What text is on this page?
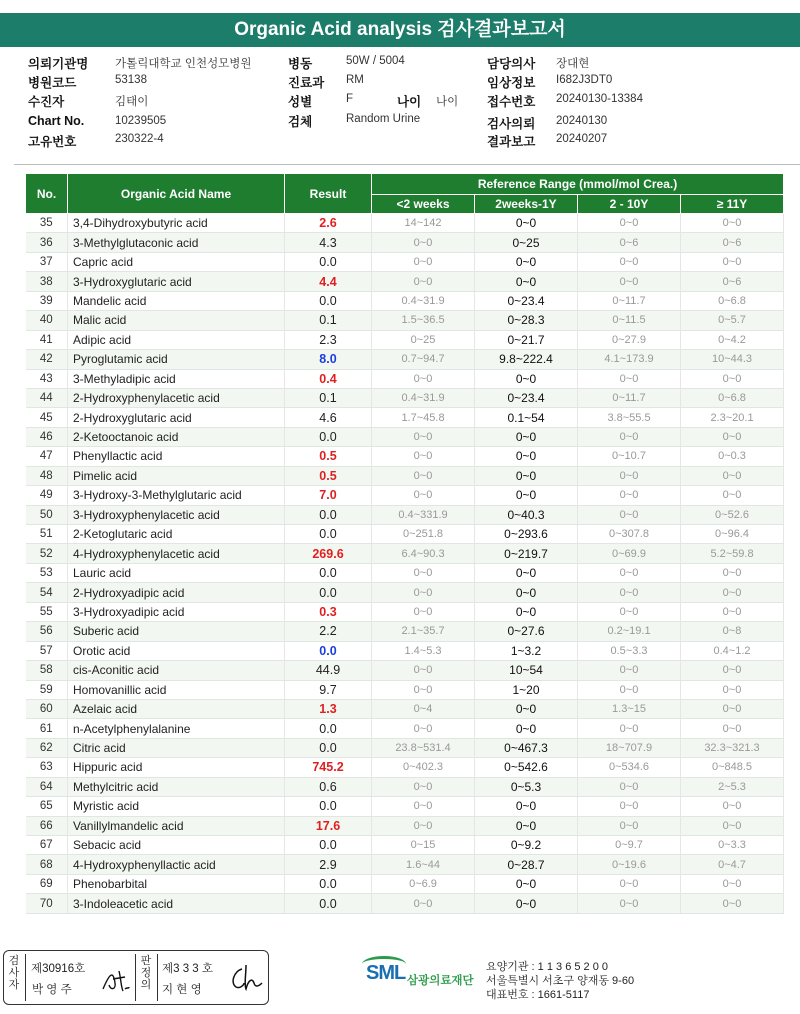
Organic Acid analysis 검사결과보고서
의뢰기관명 가톨릭대학교 인천성모병원
병원코드	53138
수진자	김태이
Chart No.	10239505
고유번호	230322-4
병동	50W / 5004
진료과 RM
성별	F	나이 나이
검체	Random Urine
담당의사 장대현
임상정보 I682J3DT0
접수번호 20240130-13384
검사의뢰 20240130
결과보고 20240207
No.	Organic Acid Name	Result	Reference Range (mmol/mol Crea.)			
			<2 weeks	2weeks-1Y	2 - 10Y	≥ 11Y
35	3,4-Dihydroxybutyric acid	2.6	14~142	0~0	0~0	0~0
36	3-Methylglutaconic acid	4.3	0~0	0~25	0~6	0~6
37	Capric acid	0.0	0~0	0~0	0~0	0~0
38	3-Hydroxyglutaric acid	4.4	0~0	0~0	0~0	0~6
39	Mandelic acid	0.0	0.4~31.9	0~23.4	0~11.7	0~6.8
40	Malic acid	0.1	1.5~36.5	0~28.3	0~11.5	0~5.7
41	Adipic acid	2.3	0~25	0~21.7	0~27.9	0~4.2
42	Pyroglutamic acid	8.0	0.7~94.7	9.8~222.4	4.1~173.9	10~44.3
43	3-Methyladipic acid	0.4	0~0	0~0	0~0	0~0
44	2-Hydroxyphenylacetic acid	0.1	0.4~31.9	0~23.4	0~11.7	0~6.8
45	2-Hydroxyglutaric acid	4.6	1.7~45.8	0.1~54	3.8~55.5	2.3~20.1
46	2-Ketooctanoic acid	0.0	0~0	0~0	0~0	0~0
47	Phenyllactic acid	0.5	0~0	0~0	0~10.7	0~0.3
48	Pimelic acid	0.5	0~0	0~0	0~0	0~0
49	3-Hydroxy-3-Methylglutaric acid	7.0	0~0	0~0	0~0	0~0
50	3-Hydroxyphenylacetic acid	0.0	0.4~331.9	0~40.3	0~0	0~52.6
51	2-Ketoglutaric acid	0.0	0~251.8	0~293.6	0~307.8	0~96.4
52	4-Hydroxyphenylacetic acid	269.6	6.4~90.3	0~219.7	0~69.9	5.2~59.8
53	Lauric acid	0.0	0~0	0~0	0~0	0~0
54	2-Hydroxyadipic acid	0.0	0~0	0~0	0~0	0~0
55	3-Hydroxyadipic acid	0.3	0~0	0~0	0~0	0~0
56	Suberic acid	2.2	2.1~35.7	0~27.6	0.2~19.1	0~8
57	Orotic acid	0.0	1.4~5.3	1~3.2	0.5~3.3	0.4~1.2
58	cis-Aconitic acid	44.9	0~0	10~54	0~0	0~0
59	Homovanillic acid	9.7	0~0	1~20	0~0	0~0
60	Azelaic acid	1.3	0~4	0~0	1.3~15	0~0
61	n-Acetylphenylalanine	0.0	0~0	0~0	0~0	0~0
62	Citric acid	0.0	23.8~531.4	0~467.3	18~707.9	32.3~321.3
63	Hippuric acid	745.2	0~402.3	0~542.6	0~534.6	0~848.5
64	Methylcitric acid	0.6	0~0	0~5.3	0~0	2~5.3
65	Myristic acid	0.0	0~0	0~0	0~0	0~0
66	Vanillylmandelic acid	17.6	0~0	0~0	0~0	0~0
67	Sebacic acid	0.0	0~15	0~9.2	0~9.7	0~3.3
68	4-Hydroxyphenyllactic acid	2.9	1.6~44	0~28.7	0~19.6	0~4.7
69	Phenobarbital	0.0	0~6.9	0~0	0~0	0~0
70	3-Indoleacetic acid	0.0	0~0	0~0	0~0	0~0
검사자
제30916호
박 영 주
판정의
제3 3 3 호
지 현 영
SML 삼광의료재단
요양기관 : 1 1 3 6 5 2 0 0
서울특별시 서초구 양재동 9-60
대표번호 : 1661-5117
